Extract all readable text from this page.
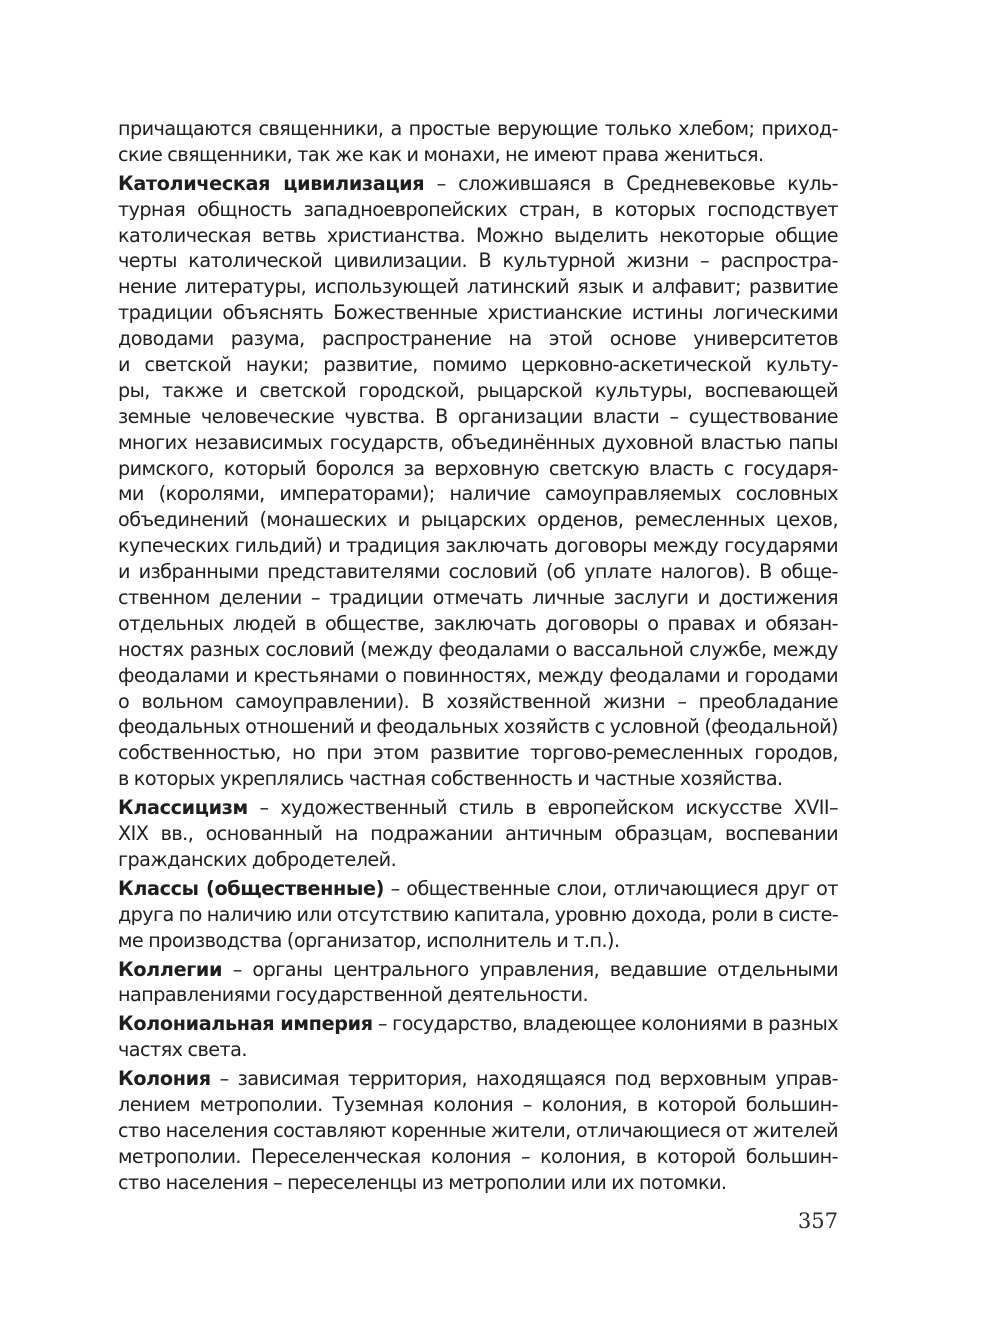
причащаются священники, а простые верующие только хлебом; приход-
ские священники, так же как и монахи, не имеют права жениться.

Католическая цивилизация – сложившаяся в Средневековье куль-
турная общность западноевропейских стран, в которых господствует
католическая ветвь христианства. Можно выделить некоторые общие
черты католической цивилизации. В культурной жизни – распростра-
нение литературы, использующей латинский язык и алфавит; развитие
традиции объяснять Божественные христианские истины логическими
доводами разума, распространение на этой основе университетов
и светской науки; развитие, помимо церковно-аскетической культу-
ры, также и светской городской, рыцарской культуры, воспевающей
земные человеческие чувства. В организации власти – существование
многих независимых государств, объединённых духовной властью папы
римского, который боролся за верховную светскую власть с государя-
ми (королями, императорами); наличие самоуправляемых сословных
объединений (монашеских и рыцарских орденов, ремесленных цехов,
купеческих гильдий) и традиция заключать договоры между государями
и избранными представителями сословий (об уплате налогов). В обще-
ственном делении – традиции отмечать личные заслуги и достижения
отдельных людей в обществе, заключать договоры о правах и обязан-
ностях разных сословий (между феодалами о вассальной службе, между
феодалами и крестьянами о повинностях, между феодалами и городами
о вольном самоуправлении). В хозяйственной жизни – преобладание
феодальных отношений и феодальных хозяйств с условной (феодальной)
собственностью, но при этом развитие торгово-ремесленных городов,
в которых укреплялись частная собственность и частные хозяйства.

Классицизм – художественный стиль в европейском искусстве XVII–
XIX вв., основанный на подражании античным образцам, воспевании
гражданских добродетелей.

Классы (общественные) – общественные слои, отличающиеся друг от
друга по наличию или отсутствию капитала, уровню дохода, роли в систе-
ме производства (организатор, исполнитель и т.п.).

Коллегии – органы центрального управления, ведавшие отдельными
направлениями государственной деятельности.

Колониальная империя – государство, владеющее колониями в разных
частях света.

Колония – зависимая территория, находящаяся под верховным управ-
лением метрополии. Туземная колония – колония, в которой большин-
ство населения составляют коренные жители, отличающиеся от жителей
метрополии. Переселенческая колония – колония, в которой большин-
ство населения – переселенцы из метрополии или их потомки.

357
